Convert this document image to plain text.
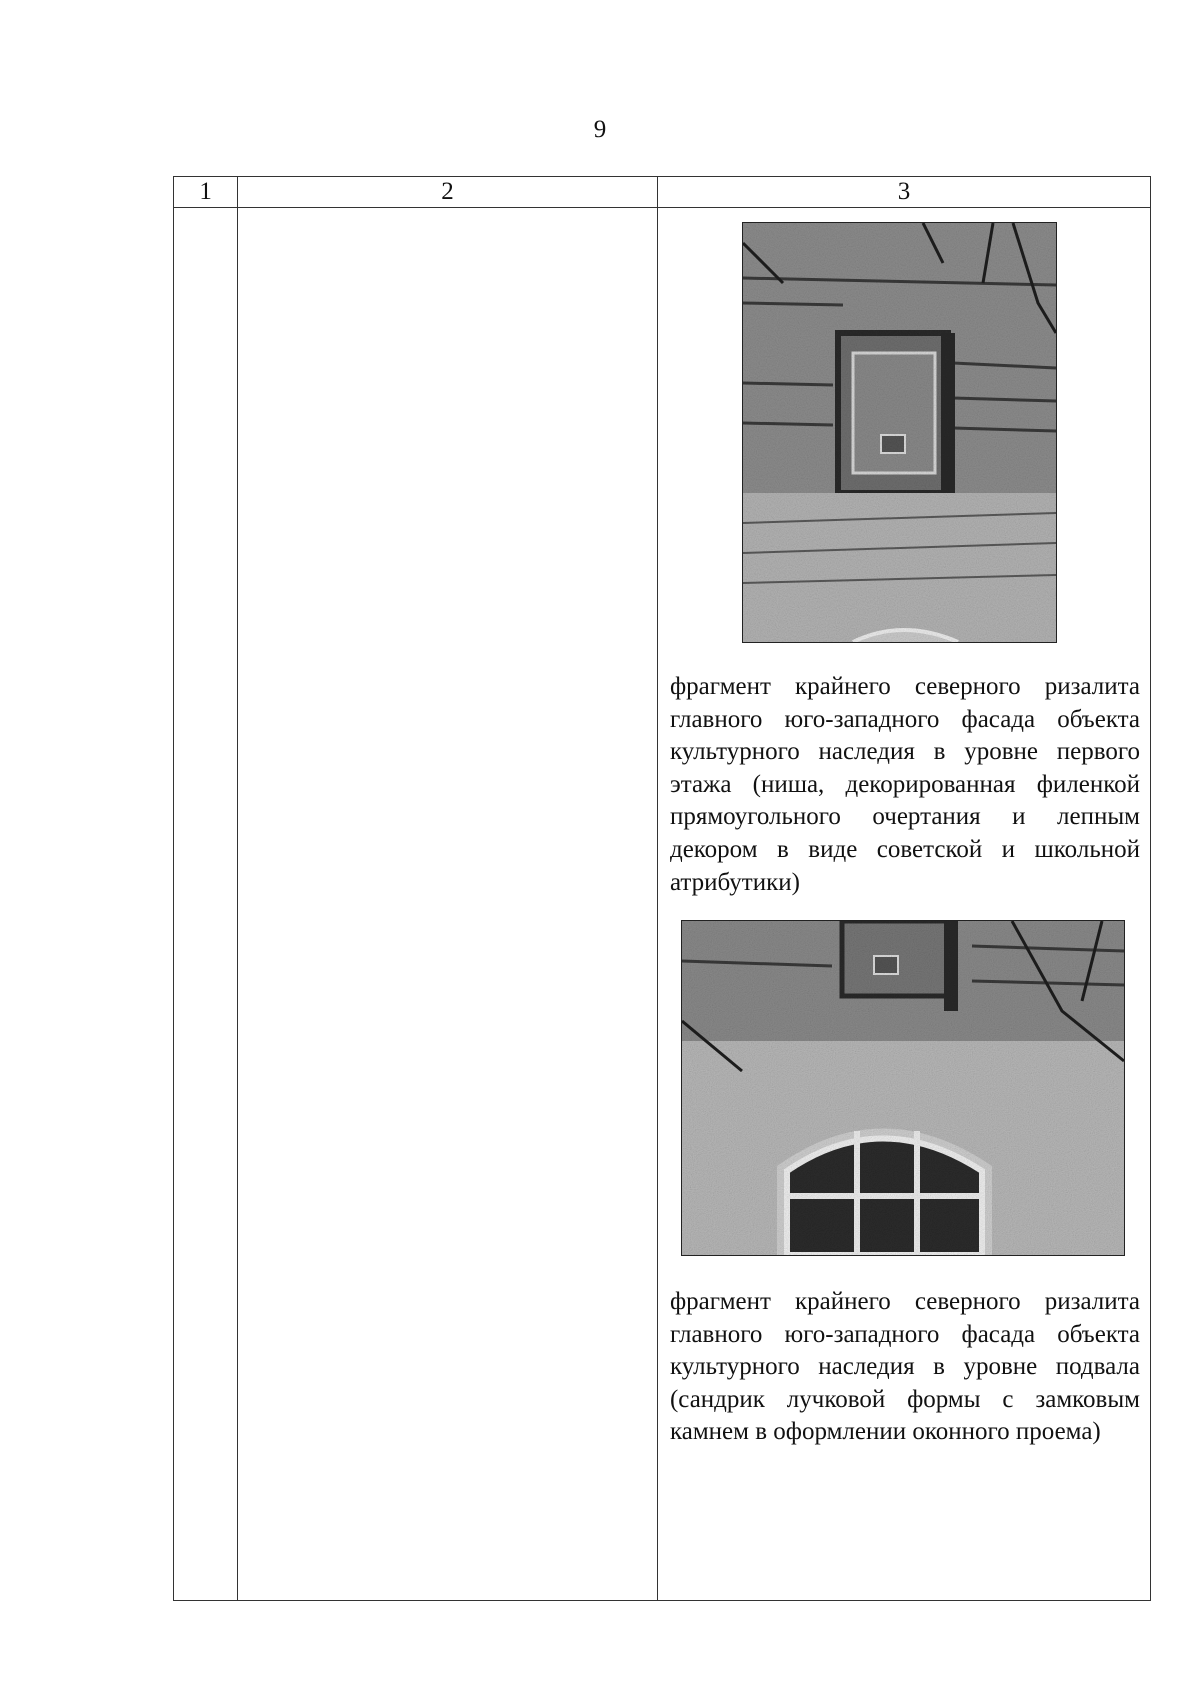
9
1	2	3

		фрагмент крайнего северного ризалита главного юго-западного фасада объекта культурного наследия в уровне первого этажа (ниша, декорированная филенкой прямоугольного очертания и лепным декором в виде советской и школьной атрибутики)
фрагмент крайнего северного ризалита главного юго-западного фасада объекта культурного наследия в уровне подвала (сандрик лучковой формы с замковым камнем в оформлении оконного проема)
